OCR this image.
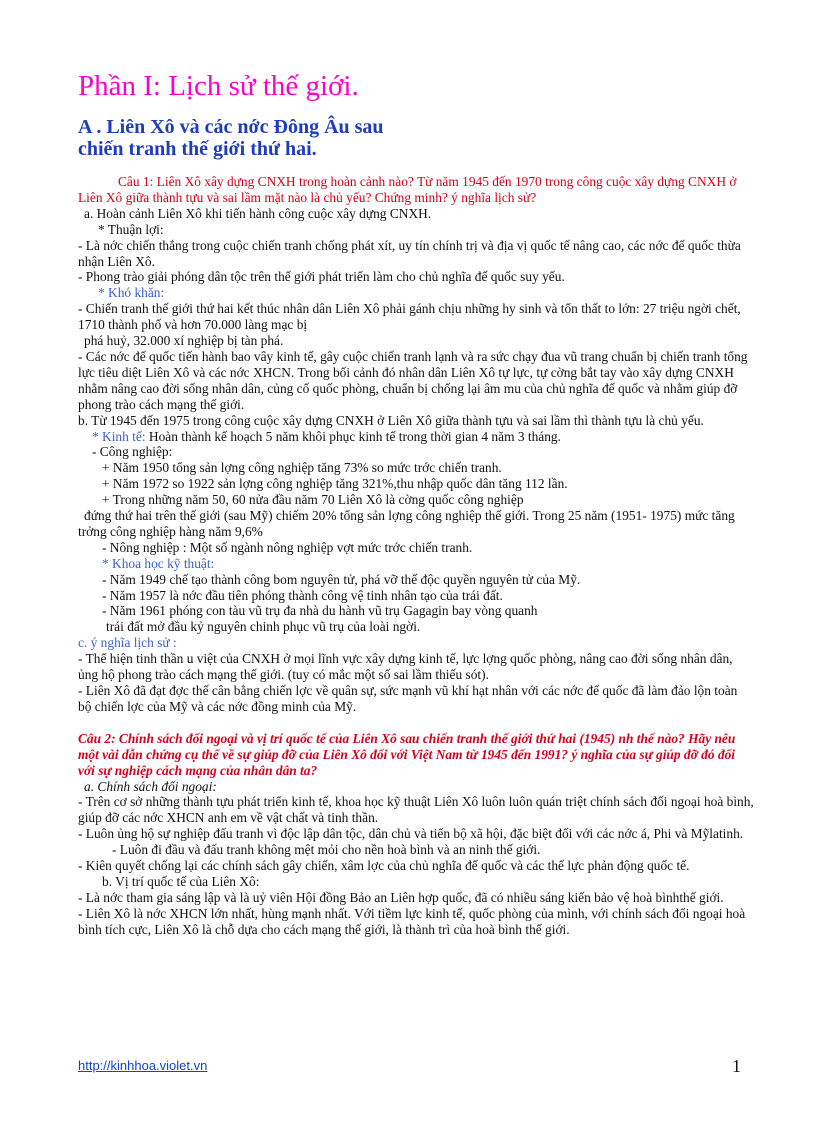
Phần I: Lịch sử thế giới.
A . Liên Xô và các nớc Đông Âu sau
chiến tranh thế giới thứ hai.

Câu 1: Liên Xô xây dựng CNXH trong hoàn cảnh nào? Từ năm 1945 đến 1970 trong công cuộc xây dựng CNXH ở Liên Xô giữa thành tựu và sai lầm mặt nào là chủ yếu? Chứng minh? ý nghĩa lịch sử?

a. Hoàn cảnh Liên Xô khi tiến hành công cuộc xây dựng CNXH.

* Thuận lợi:

- Là nớc chiến thắng trong cuộc chiến tranh chống phát xít, uy tín chính trị và địa vị quốc tế nâng cao, các nớc đế quốc thừa nhận Liên Xô.

- Phong trào giải phóng dân tộc trên thế giới phát triển làm cho chủ nghĩa đế quốc suy yếu.

* Khó khăn:

- Chiến tranh thế giới thứ hai kết thúc nhân dân Liên Xô phải gánh chịu những hy sinh và tổn thất to lớn: 27 triệu ngời chết, 1710 thành phố và hơn 70.000 làng mạc bị

phá huỷ, 32.000 xí nghiệp bị tàn phá.

- Các nớc đế quốc tiến hành bao vây kinh tế, gây cuộc chiến tranh lạnh và ra sức chạy đua vũ trang chuẩn bị chiến tranh tổng lực tiêu diệt Liên Xô và các nớc XHCN. Trong bối cảnh đó nhân dân Liên Xô tự lực, tự cờng bắt tay vào xây dựng CNXH nhằm nâng cao đời sống nhân dân, củng cố quốc phòng, chuẩn bị chống lại âm mu của chủ nghĩa đế quốc và nhằm giúp đỡ phong trào cách mạng thế giới.

b. Từ 1945 đến 1975 trong công cuộc xây dựng CNXH ở Liên Xô giữa thành tựu và sai lầm thì thành tựu là chủ yếu.

* Kinh tế: Hoàn thành kế hoạch 5 năm khôi phục kinh tế trong thời gian 4 năm 3 tháng.

- Công nghiệp:

+ Năm 1950 tổng sản lợng công nghiệp tăng 73% so mức trớc chiến tranh.

+ Năm 1972 so 1922 sản lợng công nghiệp tăng 321%,thu nhập quốc dân tăng 112 lần.

+ Trong những năm 50, 60 nửa đầu năm 70 Liên Xô là cờng quốc công nghiệp

đứng thứ hai trên thế giới (sau Mỹ) chiếm 20% tổng sản lợng công nghiệp thế giới. Trong 25 năm (1951- 1975) mức tăng trởng công nghiệp hàng năm 9,6%

- Nông nghiệp : Một số ngành nông nghiệp vợt mức trớc chiến tranh.

* Khoa học kỹ thuật:

- Năm 1949 chế tạo thành công bom nguyên tử, phá vỡ thế độc quyền nguyên tử của Mỹ.

- Năm 1957 là nớc đầu tiên phóng thành công vệ tinh nhân tạo của trái đất.

- Năm 1961 phóng con tàu vũ trụ đa nhà du hành vũ trụ Gagagin bay vòng quanh

trái đất mở đầu kỷ nguyên chinh phục vũ trụ của loài ngời.

c. ý nghĩa lịch sử :

- Thể hiện tinh thần u việt của CNXH ở mọi lĩnh vực xây dựng kinh tế, lực lợng quốc phòng, nâng cao đời sống nhân dân, ủng hộ phong trào cách mạng thế giới. (tuy có mắc một số sai lầm thiếu sót).

- Liên Xô đã đạt đợc thế cân bằng chiến lợc về quân sự, sức mạnh vũ khí hạt nhân với các nớc đế quốc đã làm đảo lộn toàn bộ chiến lợc của Mỹ và các nớc đồng minh của Mỹ.

Câu 2: Chính sách đối ngoại và vị trí quốc tế của Liên Xô sau chiến tranh thế giới thứ hai (1945) nh thế nào? Hãy nêu một vài dẫn chứng cụ thể về sự giúp đỡ của Liên Xô đối với Việt Nam từ 1945 đến 1991? ý nghĩa của sự giúp đỡ đó đối với sự nghiệp cách mạng của nhân dân ta?

a. Chính sách đối ngoại:

- Trên cơ sở những thành tựu phát triển kinh tế, khoa học kỹ thuật Liên Xô luôn luôn quán triệt chính sách đối ngoại hoà bình, giúp đỡ các nớc XHCN anh em về vật chất và tinh thần.

- Luôn ủng hộ sự nghiệp đấu tranh vì độc lập dân tộc, dân chủ và tiến bộ xã hội, đặc biệt đối với các nớc á, Phi và Mỹlatinh.

- Luôn đi đầu và đấu tranh không mệt mỏi cho nền hoà bình và an ninh thế giới.

- Kiên quyết chống lại các chính sách gây chiến, xâm lợc của chủ nghĩa đế quốc và các thế lực phản động quốc tế.

b. Vị trí quốc tế của Liên Xô:

- Là nớc tham gia sáng lập và là uỷ viên Hội đồng Bảo an Liên hợp quốc, đã có nhiều sáng kiến bảo vệ hoà bìnhthế giới.

- Liên Xô là nớc XHCN lớn nhất, hùng mạnh nhất. Với tiềm lực kinh tế, quốc phòng của mình, với chính sách đối ngoại hoà bình tích cực, Liên Xô là chỗ dựa cho cách mạng thế giới, là thành trì của hoà bình thế giới.

http://kinhhoa.violet.vn	1
